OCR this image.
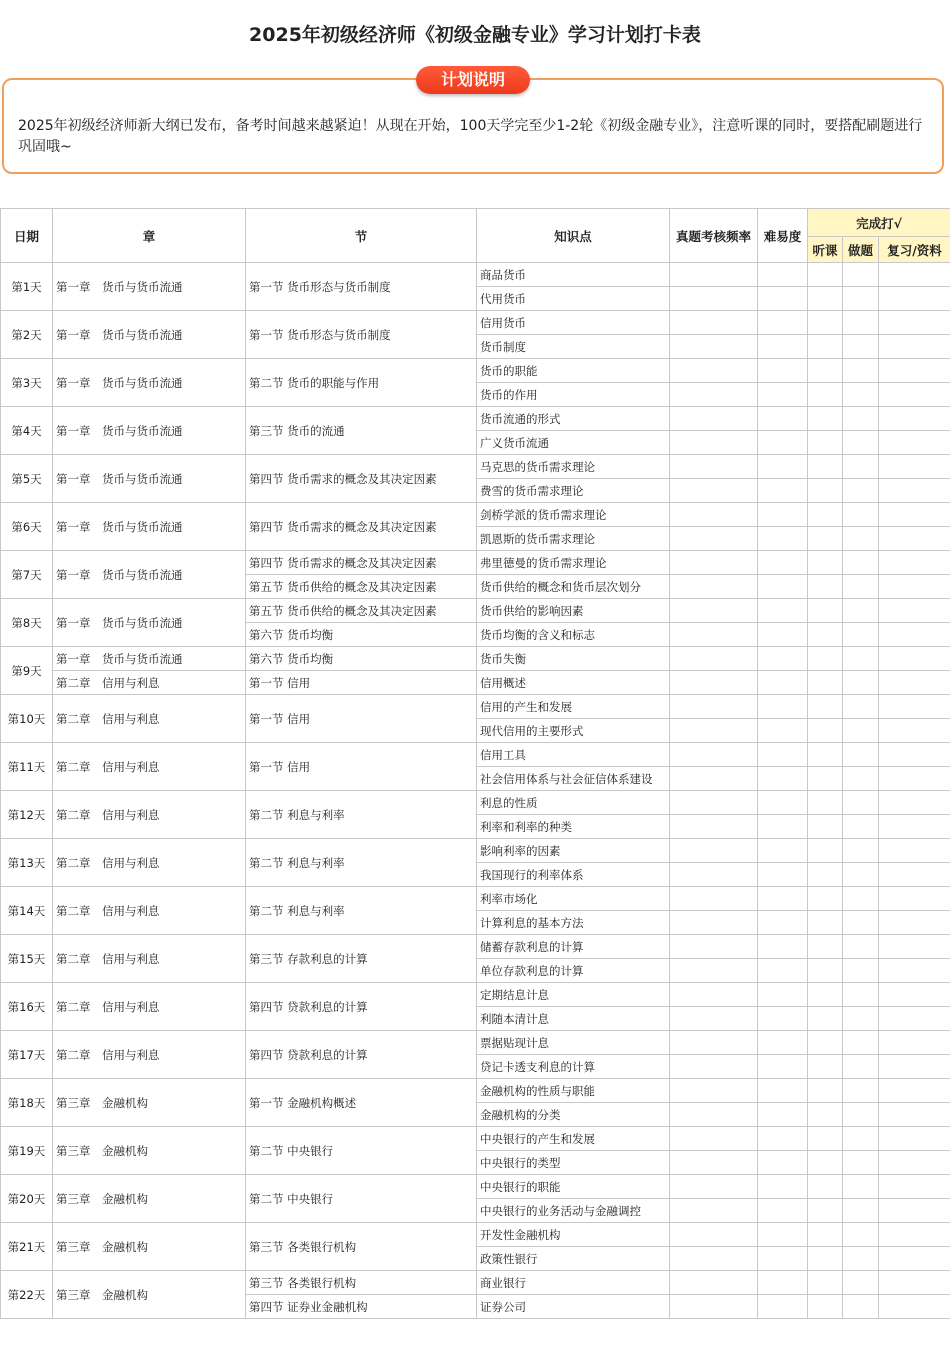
2025年初级经济师《初级金融专业》学习计划打卡表
计划说明
2025年初级经济师新大纲已发布，备考时间越来越紧迫！从现在开始，100天学完至少1-2轮《初级金融专业》，注意听课的同时，要搭配刷题进行巩固哦~
日期	章	节	知识点	真题考核频率	难易度	完成打√		
						听课	做题	复习/资料
第1天	第一章　货币与货币流通	第一节 货币形态与货币制度	商品货币					
			代用货币					
第2天	第一章　货币与货币流通	第一节 货币形态与货币制度	信用货币					
			货币制度					
第3天	第一章　货币与货币流通	第二节 货币的职能与作用	货币的职能					
			货币的作用					
第4天	第一章　货币与货币流通	第三节 货币的流通	货币流通的形式					
			广义货币流通					
第5天	第一章　货币与货币流通	第四节 货币需求的概念及其决定因素	马克思的货币需求理论					
			费雪的货币需求理论					
第6天	第一章　货币与货币流通	第四节 货币需求的概念及其决定因素	剑桥学派的货币需求理论					
			凯恩斯的货币需求理论					
第7天	第一章　货币与货币流通	第四节 货币需求的概念及其决定因素	弗里德曼的货币需求理论					
		第五节 货币供给的概念及其决定因素	货币供给的概念和货币层次划分					
第8天	第一章　货币与货币流通	第五节 货币供给的概念及其决定因素	货币供给的影响因素					
		第六节 货币均衡	货币均衡的含义和标志					
第9天	第一章　货币与货币流通	第六节 货币均衡	货币失衡					
	第二章　信用与利息	第一节 信用	信用概述					
第10天	第二章　信用与利息	第一节 信用	信用的产生和发展					
			现代信用的主要形式					
第11天	第二章　信用与利息	第一节 信用	信用工具					
			社会信用体系与社会征信体系建设					
第12天	第二章　信用与利息	第二节 利息与利率	利息的性质					
			利率和利率的种类					
第13天	第二章　信用与利息	第二节 利息与利率	影响利率的因素					
			我国现行的利率体系					
第14天	第二章　信用与利息	第二节 利息与利率	利率市场化					
			计算利息的基本方法					
第15天	第二章　信用与利息	第三节 存款利息的计算	储蓄存款利息的计算					
			单位存款利息的计算					
第16天	第二章　信用与利息	第四节 贷款利息的计算	定期结息计息					
			利随本清计息					
第17天	第二章　信用与利息	第四节 贷款利息的计算	票据贴现计息					
			贷记卡透支利息的计算					
第18天	第三章　金融机构	第一节 金融机构概述	金融机构的性质与职能					
			金融机构的分类					
第19天	第三章　金融机构	第二节 中央银行	中央银行的产生和发展					
			中央银行的类型					
第20天	第三章　金融机构	第二节 中央银行	中央银行的职能					
			中央银行的业务活动与金融调控					
第21天	第三章　金融机构	第三节 各类银行机构	开发性金融机构					
			政策性银行					
第22天	第三章　金融机构	第三节 各类银行机构	商业银行					
		第四节 证券业金融机构	证券公司					
